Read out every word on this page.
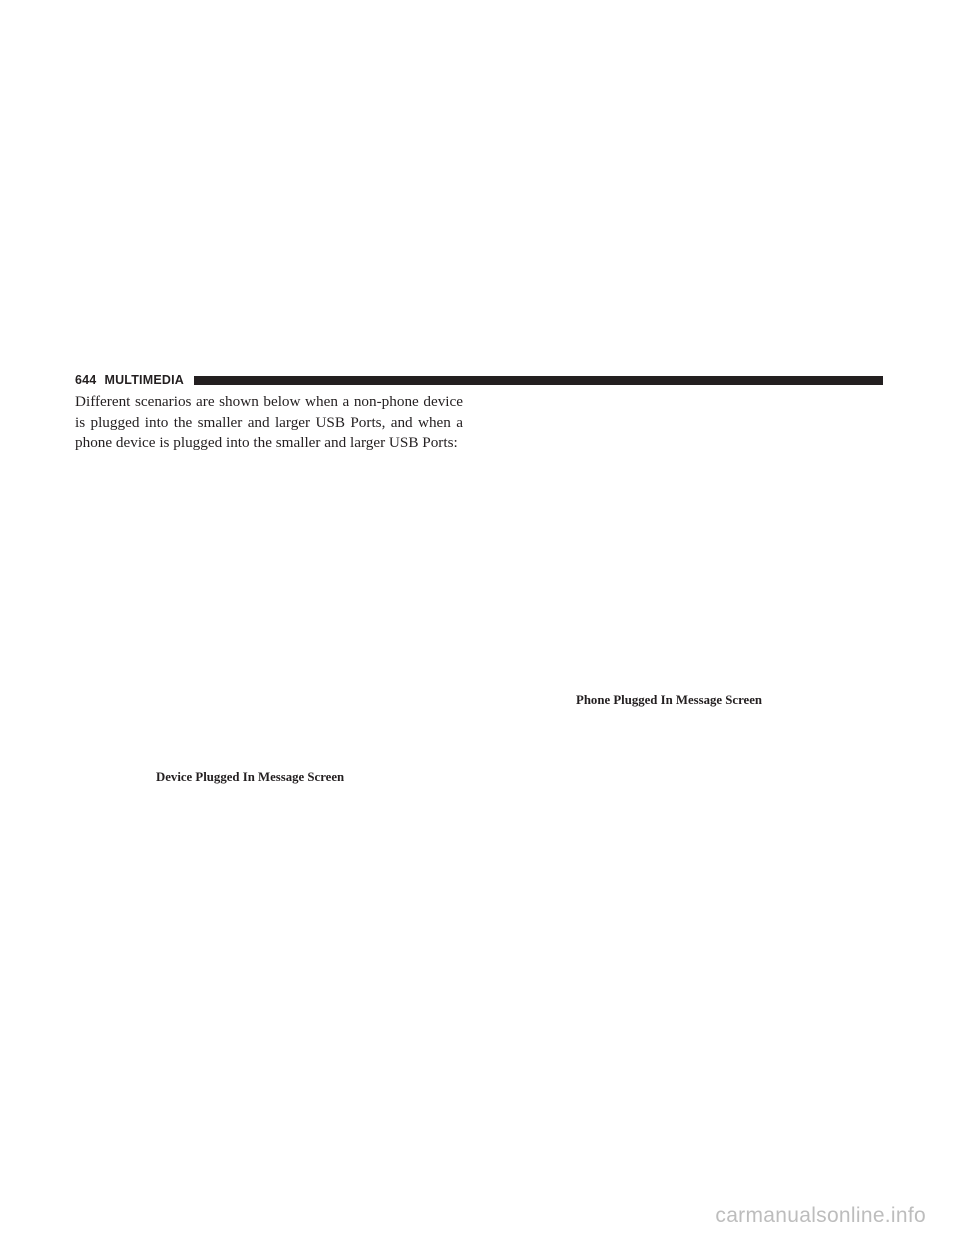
644 MULTIMEDIA

Different scenarios are shown below when a non-phone device is plugged into the smaller and larger USB Ports, and when a phone device is plugged into the smaller and larger USB Ports:

Device Plugged In Message Screen
Phone Plugged In Message Screen
carmanualsonline.info
